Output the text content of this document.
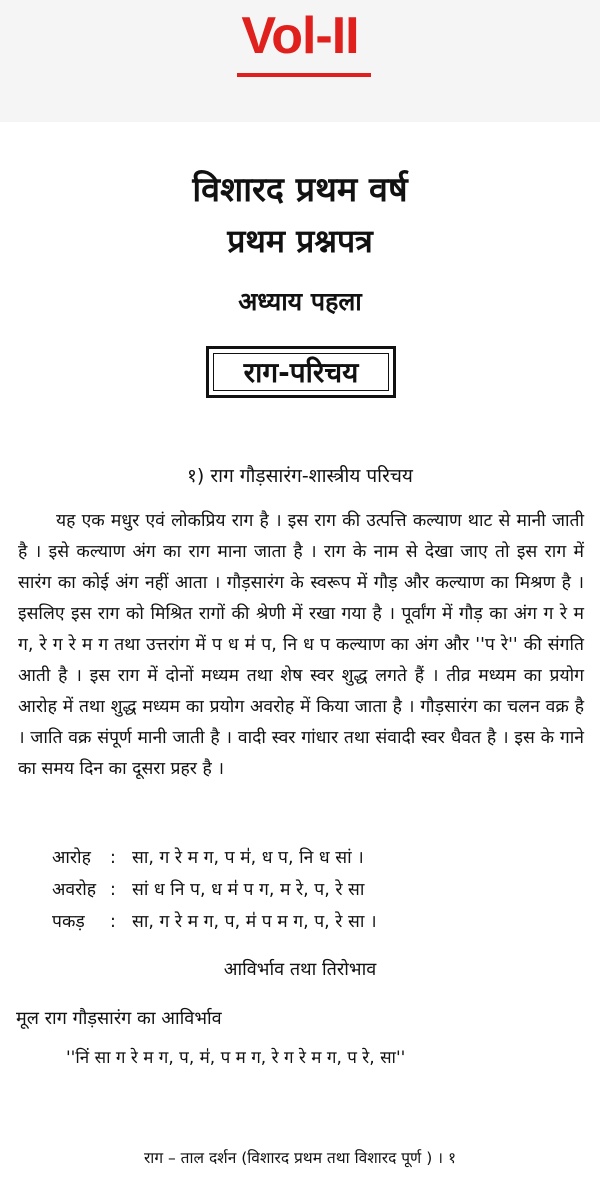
Vol-II
विशारद प्रथम वर्ष
प्रथम प्रश्नपत्र
अध्याय पहला
राग-परिचय
१) राग गौड़सारंग-शास्त्रीय परिचय

यह एक मधुर एवं लोकप्रिय राग है । इस राग की उत्पत्ति कल्याण थाट से मानी जाती है । इसे कल्याण अंग का राग माना जाता है । राग के नाम से देखा जाए तो इस राग में सारंग का कोई अंग नहीं आता । गौड़सारंग के स्वरूप में गौड़ और कल्याण का मिश्रण है । इसलिए इस राग को मिश्रित रागों की श्रेणी में रखा गया है । पूर्वांग में गौड़ का अंग ग रे म ग, रे ग रे म ग तथा उत्तरांग में प ध म॑ प, नि ध प कल्याण का अंग और ''प रे'' की संगति आती है । इस राग में दोनों मध्यम तथा शेष स्वर शुद्ध लगते हैं । तीव्र मध्यम का प्रयोग आरोह में तथा शुद्ध मध्यम का प्रयोग अवरोह में किया जाता है । गौड़सारंग का चलन वक्र है । जाति वक्र संपूर्ण मानी जाती है । वादी स्वर गांधार तथा संवादी स्वर धैवत है । इस के गाने का समय दिन का दूसरा प्रहर है ।

आरोह : सा, ग रे म ग, प म॑, ध प, नि ध सां ।
अवरोह : सां ध नि प, ध म॑ प ग, म रे, प, रे सा
पकड़ : सा, ग रे म ग, प, म॑ प म ग, प, रे सा ।
आविर्भाव तथा तिरोभाव
मूल राग गौड़सारंग का आविर्भाव
''निं सा ग रे म ग, प, म॑, प म ग, रे ग रे म ग, प रे, सा''
राग – ताल दर्शन (विशारद प्रथम तथा विशारद पूर्ण ) । १
